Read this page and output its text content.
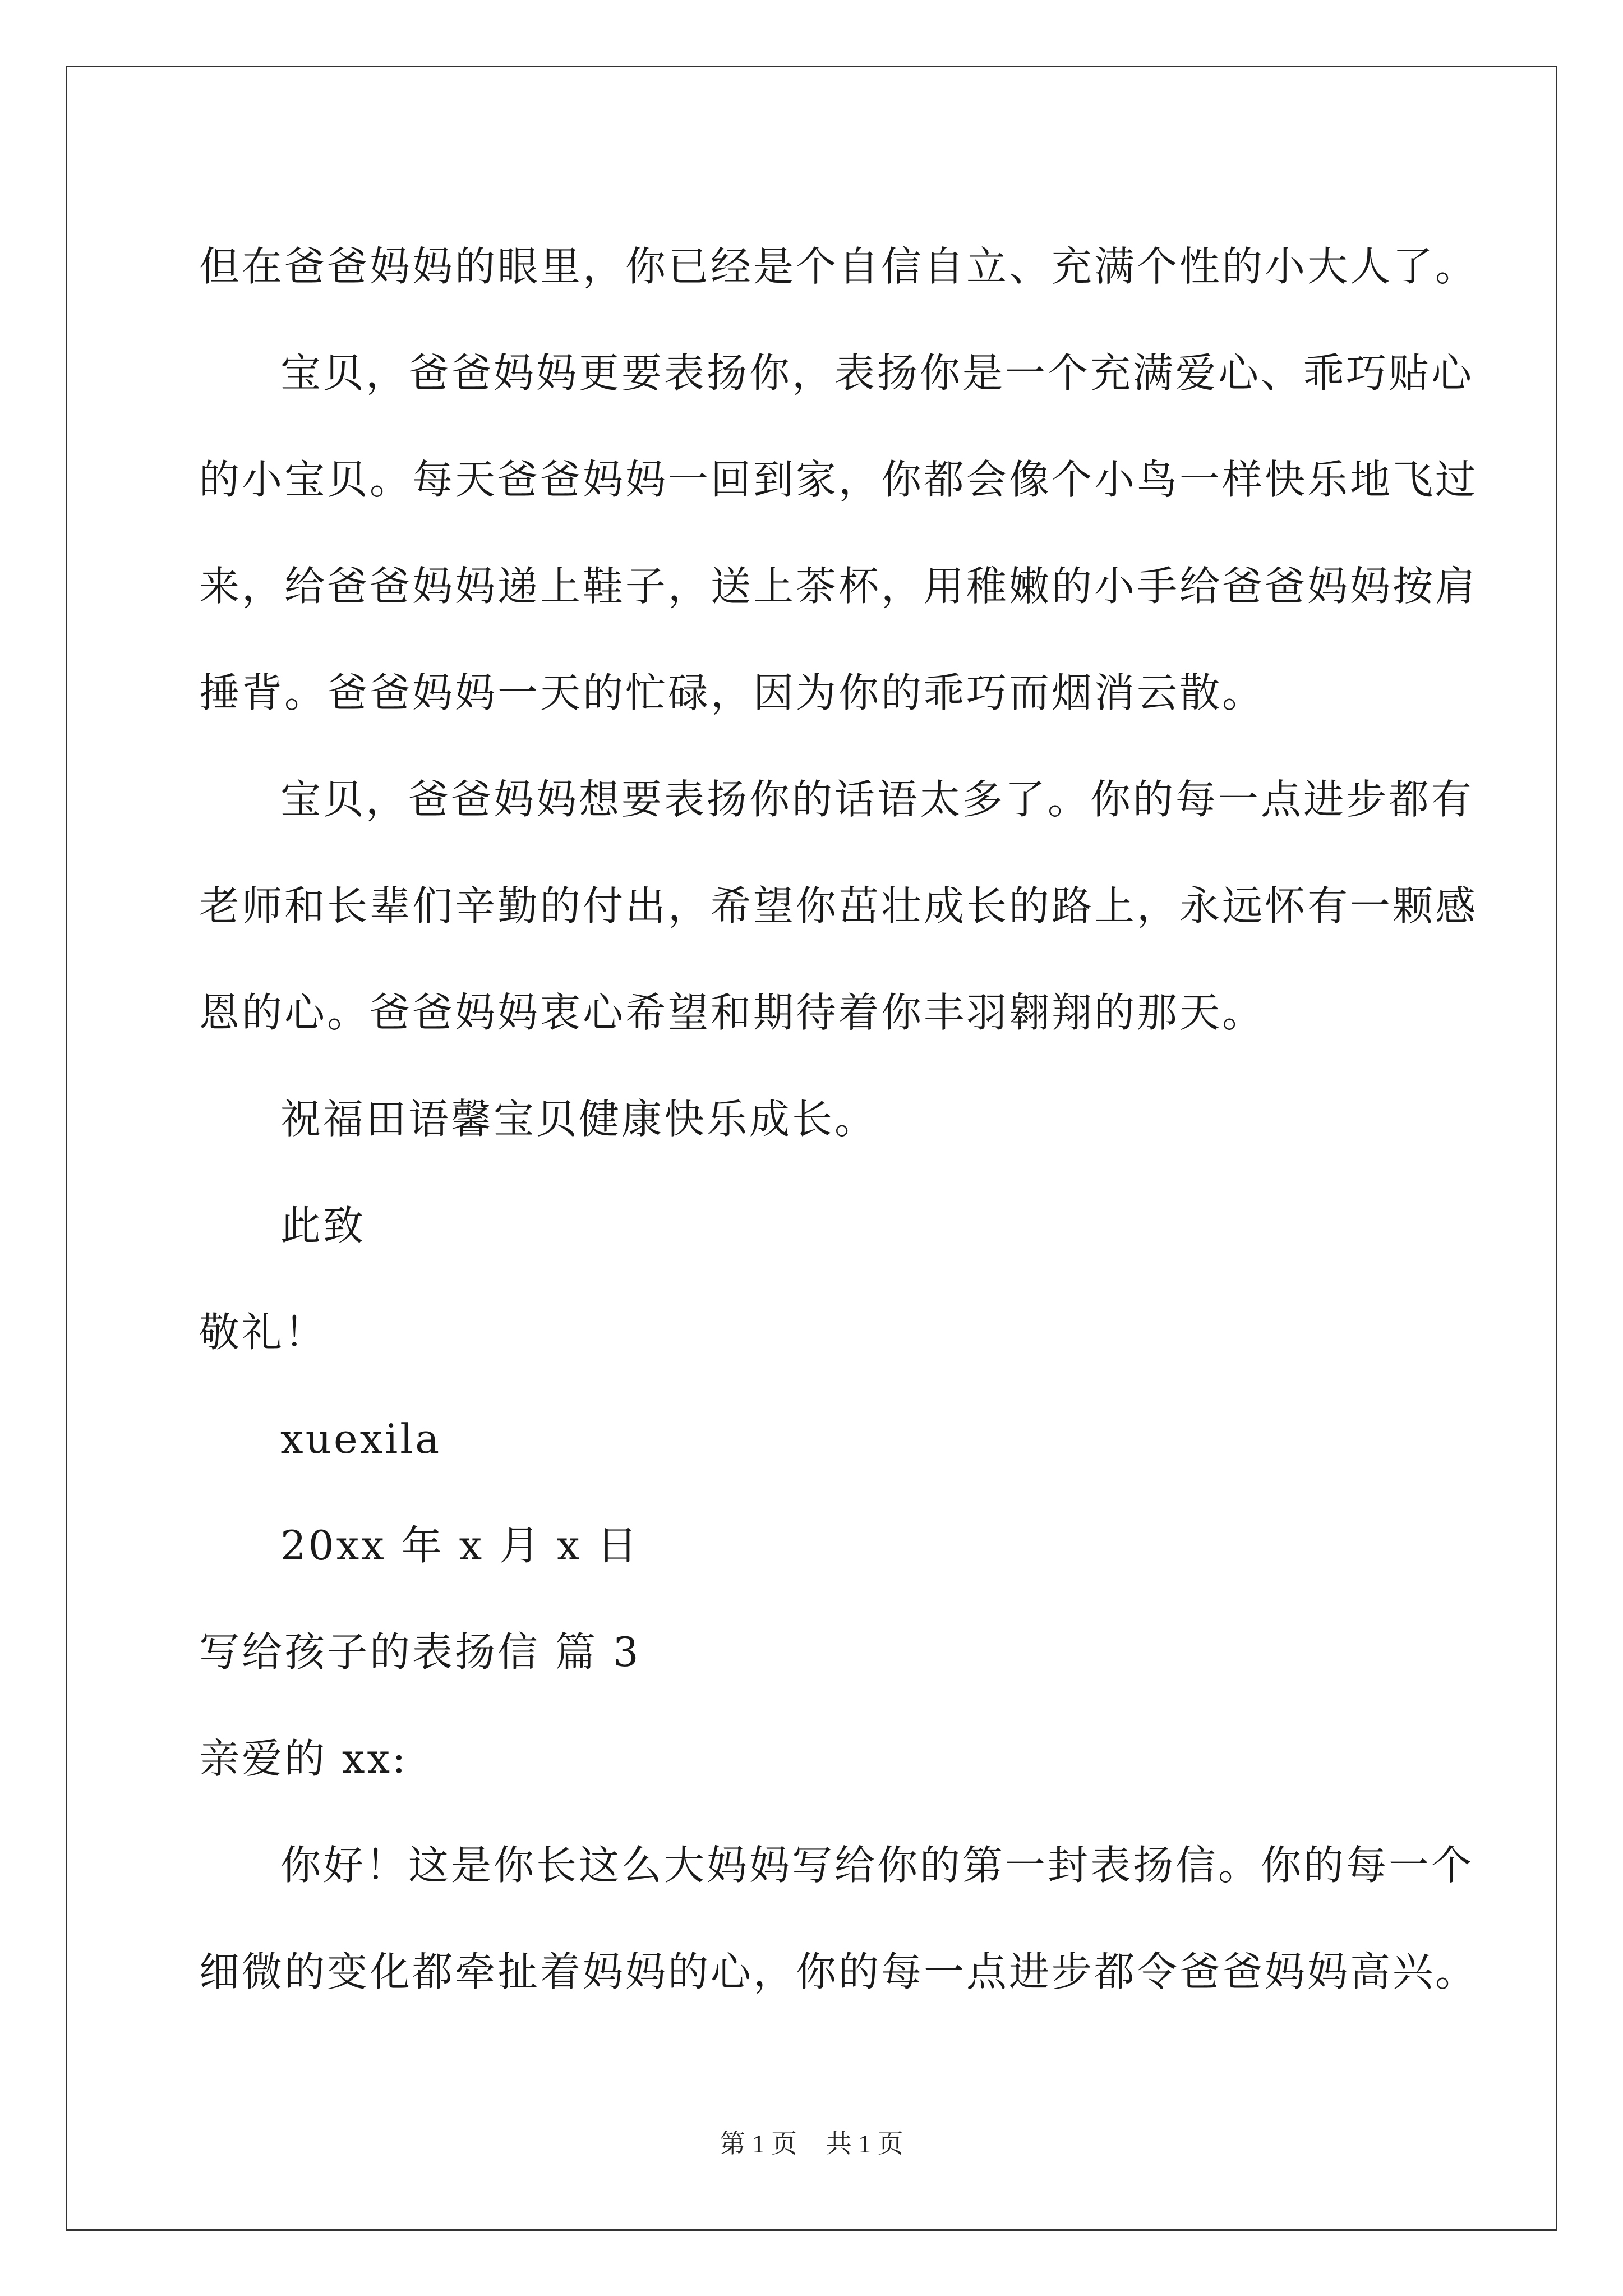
但在爸爸妈妈的眼里，你已经是个自信自立、充满个性的小大人了。
宝贝，爸爸妈妈更要表扬你，表扬你是一个充满爱心、乖巧贴心
的小宝贝。每天爸爸妈妈一回到家，你都会像个小鸟一样快乐地飞过
来，给爸爸妈妈递上鞋子，送上茶杯，用稚嫩的小手给爸爸妈妈按肩
捶背。爸爸妈妈一天的忙碌，因为你的乖巧而烟消云散。
宝贝，爸爸妈妈想要表扬你的话语太多了。你的每一点进步都有
老师和长辈们辛勤的付出，希望你茁壮成长的路上，永远怀有一颗感
恩的心。爸爸妈妈衷心希望和期待着你丰羽翱翔的那天。
祝福田语馨宝贝健康快乐成长。
此致
敬礼！
xuexila
20xx 年 x 月 x 日
写给孩子的表扬信 篇 3
亲爱的 xx:
你好！这是你长这么大妈妈写给你的第一封表扬信。你的每一个
细微的变化都牵扯着妈妈的心，你的每一点进步都令爸爸妈妈高兴。
第 1 页 共 1 页
